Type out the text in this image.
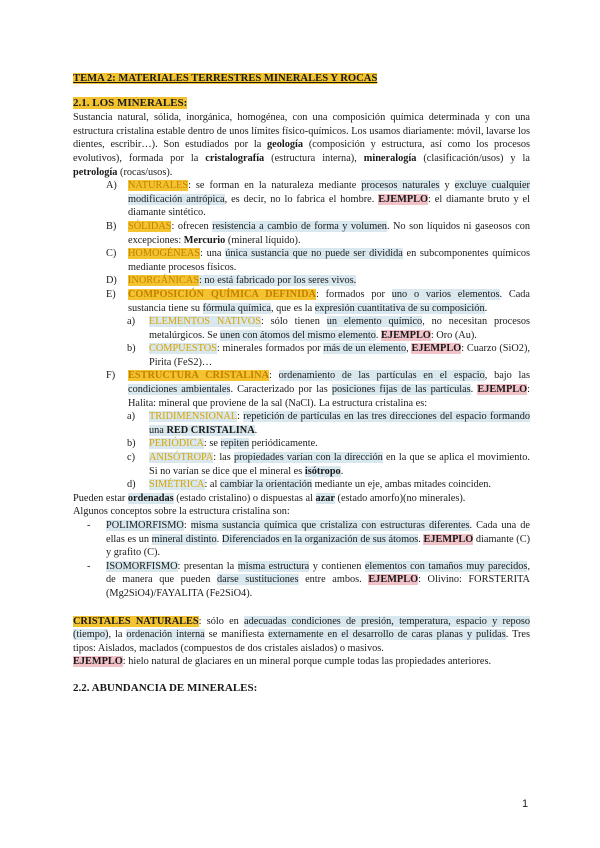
TEMA 2: MATERIALES TERRESTRES MINERALES Y ROCAS
2.1. LOS MINERALES:

Sustancia natural, sólida, inorgánica, homogénea, con una composición química determinada y con una estructura cristalina estable dentro de unos límites físico-químicos. Los usamos diariamente: móvil, lavarse los dientes, escribir…). Son estudiados por la geología (composición y estructura, así como los procesos evolutivos), formada por la cristalografía (estructura interna), mineralogía (clasificación/usos) y la petrología (rocas/usos).

A)	NATURALES: se forman en la naturaleza mediante procesos naturales y excluye cualquier modificación antrópica, es decir, no lo fabrica el hombre. EJEMPLO: el diamante bruto y el diamante sintético.
B)	SÓLIDAS: ofrecen resistencia a cambio de forma y volumen. No son líquidos ni gaseosos con excepciones: Mercurio (mineral líquido).
C)	HOMOGÉNEAS: una única sustancia que no puede ser dividida en subcomponentes químicos mediante procesos físicos.
D)	INORGÁNICAS: no está fabricado por los seres vivos.
E)	COMPOSICIÓN QUÍMICA DEFINIDA: formados por uno o varios elementos. Cada sustancia tiene su fórmula química, que es la expresión cuantitativa de su composición.
a)	ELEMENTOS NATIVOS: sólo tienen un elemento químico, no necesitan procesos metalúrgicos. Se unen con átomos del mismo elemento. EJEMPLO: Oro (Au).
b)	COMPUESTOS: minerales formados por más de un elemento, EJEMPLO: Cuarzo (SiO2), Pirita (FeS2)…
F)	ESTRUCTURA CRISTALINA: ordenamiento de las partículas en el espacio, bajo las condiciones ambientales. Caracterizado por las posiciones fijas de las partículas. EJEMPLO: Halita: mineral que proviene de la sal (NaCl). La estructura cristalina es:
a)	TRIDIMENSIONAL: repetición de partículas en las tres direcciones del espacio formando una RED CRISTALINA.
b)	PERIÓDICA: se repiten periódicamente.
c)	ANISÓTROPA: las propiedades varían con la dirección en la que se aplica el movimiento. Si no varían se dice que el mineral es isótropo.
d)	SIMÉTRICA: al cambiar la orientación mediante un eje, ambas mitades coinciden.

Pueden estar ordenadas (estado cristalino) o dispuestas al azar (estado amorfo)(no minerales).

Algunos conceptos sobre la estructura cristalina son:

-	POLIMORFISMO: misma sustancia química que cristaliza con estructuras diferentes. Cada una de ellas es un mineral distinto. Diferenciados en la organización de sus átomos. EJEMPLO diamante (C) y grafito (C).
-	ISOMORFISMO: presentan la misma estructura y contienen elementos con tamaños muy parecidos, de manera que pueden darse sustituciones entre ambos. EJEMPLO: Olivino: FORSTERITA (Mg2SiO4)/FAYALITA (Fe2SiO4).

CRISTALES NATURALES: sólo en adecuadas condiciones de presión, temperatura, espacio y reposo (tiempo), la ordenación interna se manifiesta externamente en el desarrollo de caras planas y pulidas. Tres tipos: Aislados, maclados (compuestos de dos cristales aislados) o masivos.

EJEMPLO: hielo natural de glaciares en un mineral porque cumple todas las propiedades anteriores.

2.2. ABUNDANCIA DE MINERALES:
1
